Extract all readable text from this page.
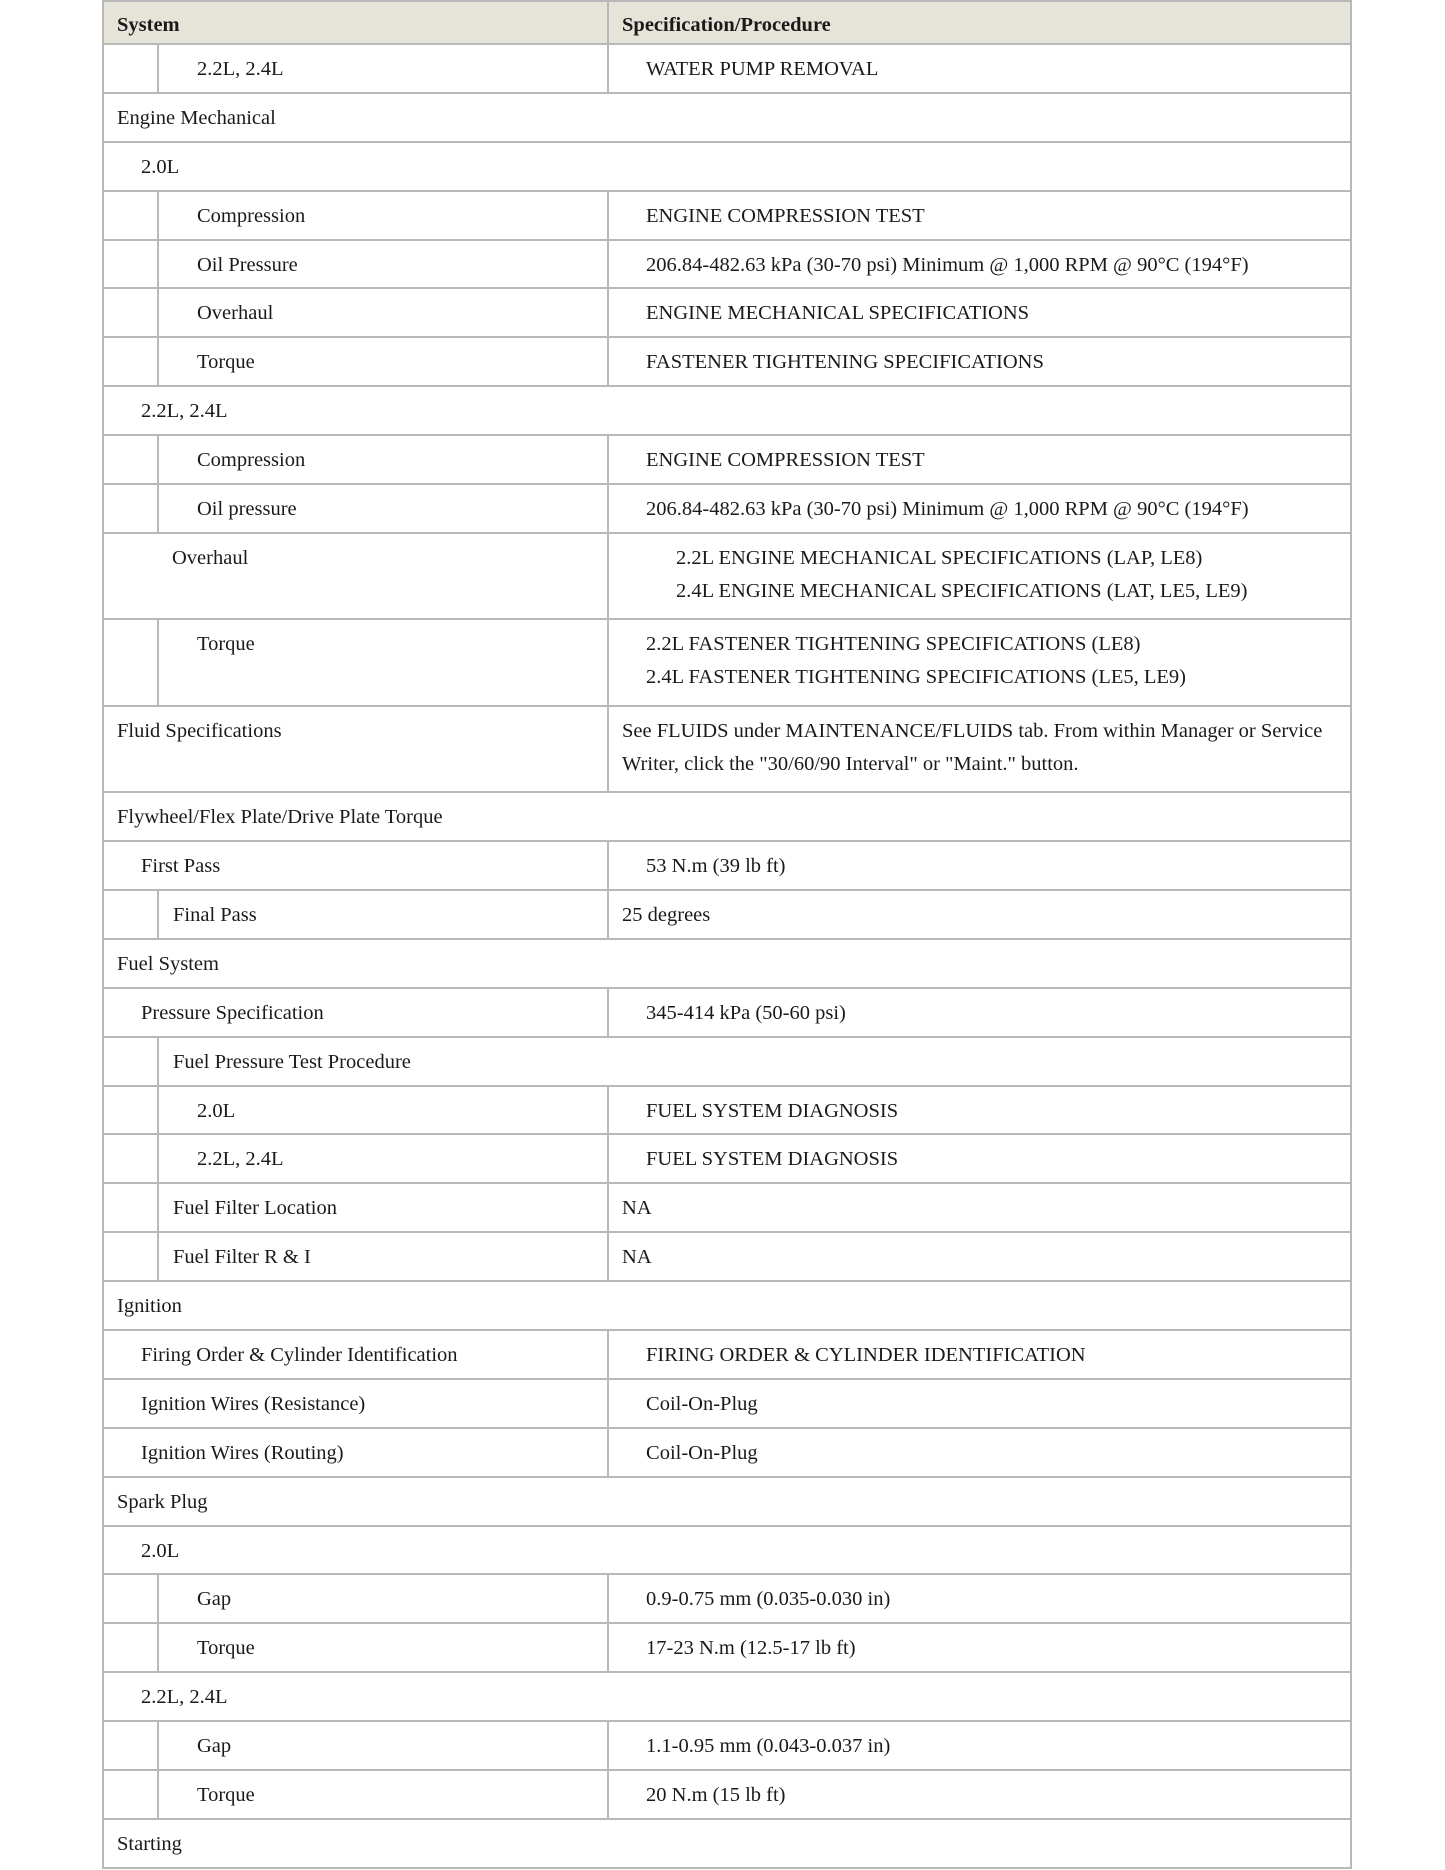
System		Specification/Procedure
	2.2L, 2.4L	WATER PUMP REMOVAL
Engine Mechanical		
2.0L		
	Compression	ENGINE COMPRESSION TEST
	Oil Pressure	206.84-482.63 kPa (30-70 psi) Minimum @ 1,000 RPM @ 90°C (194°F)
	Overhaul	ENGINE MECHANICAL SPECIFICATIONS
	Torque	FASTENER TIGHTENING SPECIFICATIONS
2.2L, 2.4L		
	Compression	ENGINE COMPRESSION TEST
	Oil pressure	206.84-482.63 kPa (30-70 psi) Minimum @ 1,000 RPM @ 90°C (194°F)
Overhaul		2.2L ENGINE MECHANICAL SPECIFICATIONS (LAP, LE8)
2.4L ENGINE MECHANICAL SPECIFICATIONS (LAT, LE5, LE9)

	Torque	2.2L FASTENER TIGHTENING SPECIFICATIONS (LE8)
2.4L FASTENER TIGHTENING SPECIFICATIONS (LE5, LE9)

Fluid Specifications		See FLUIDS under MAINTENANCE/FLUIDS tab. From within Manager or Service Writer, click the "30/60/90 Interval" or "Maint." button.
Flywheel/Flex Plate/Drive Plate Torque		
First Pass		53 N.m (39 lb ft)
	Final Pass	25 degrees
Fuel System		
Pressure Specification		345-414 kPa (50-60 psi)
	Fuel Pressure Test Procedure	
	2.0L	FUEL SYSTEM DIAGNOSIS
	2.2L, 2.4L	FUEL SYSTEM DIAGNOSIS
	Fuel Filter Location	NA
	Fuel Filter R & I	NA
Ignition		
Firing Order & Cylinder Identification		FIRING ORDER & CYLINDER IDENTIFICATION
Ignition Wires (Resistance)		Coil-On-Plug
Ignition Wires (Routing)		Coil-On-Plug
Spark Plug		
2.0L		
	Gap	0.9-0.75 mm (0.035-0.030 in)
	Torque	17-23 N.m (12.5-17 lb ft)
2.2L, 2.4L		
	Gap	1.1-0.95 mm (0.043-0.037 in)
	Torque	20 N.m (15 lb ft)
Starting		
